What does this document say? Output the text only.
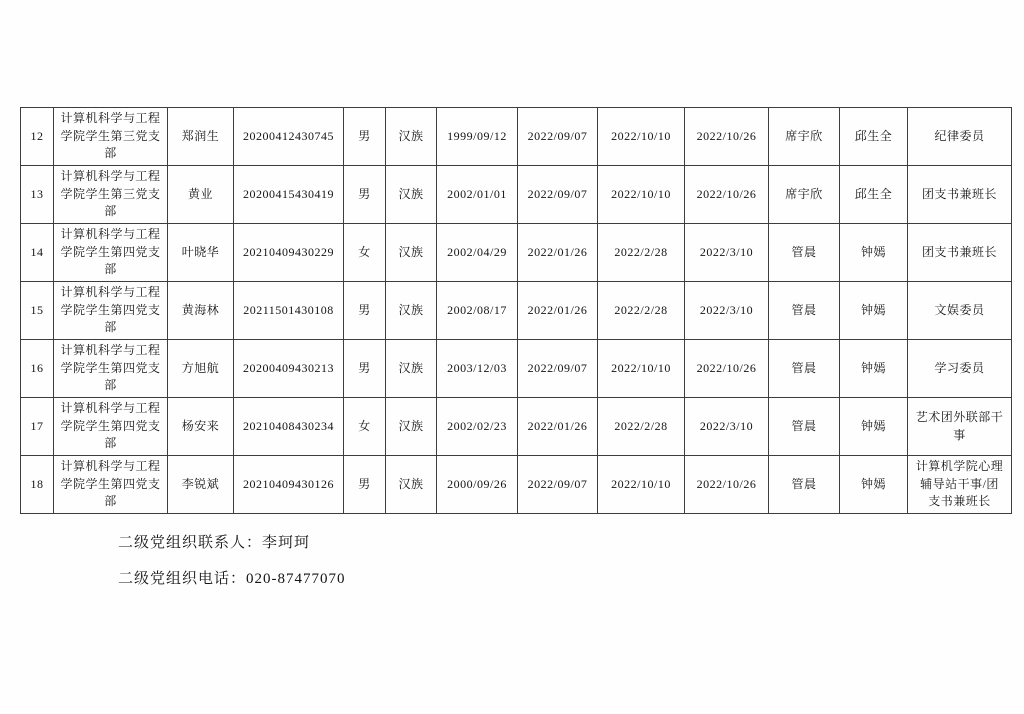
12	计算机科学与工程学院学生第三党支部	郑润生	20200412430745	男	汉族	1999/09/12	2022/09/07	2022/10/10	2022/10/26	席宇欣	邱生全	纪律委员
13	计算机科学与工程学院学生第三党支部	黄业	20200415430419	男	汉族	2002/01/01	2022/09/07	2022/10/10	2022/10/26	席宇欣	邱生全	团支书兼班长
14	计算机科学与工程学院学生第四党支部	叶晓华	20210409430229	女	汉族	2002/04/29	2022/01/26	2022/2/28	2022/3/10	管晨	钟嫣	团支书兼班长
15	计算机科学与工程学院学生第四党支部	黄海林	20211501430108	男	汉族	2002/08/17	2022/01/26	2022/2/28	2022/3/10	管晨	钟嫣	文娱委员
16	计算机科学与工程学院学生第四党支部	方旭航	20200409430213	男	汉族	2003/12/03	2022/09/07	2022/10/10	2022/10/26	管晨	钟嫣	学习委员
17	计算机科学与工程学院学生第四党支部	杨安来	20210408430234	女	汉族	2002/02/23	2022/01/26	2022/2/28	2022/3/10	管晨	钟嫣	艺术团外联部干事
18	计算机科学与工程学院学生第四党支部	李锐斌	20210409430126	男	汉族	2000/09/26	2022/09/07	2022/10/10	2022/10/26	管晨	钟嫣	计算机学院心理辅导站干事/团支书兼班长
二级党组织联系人：李珂珂
二级党组织电话：020-87477070
